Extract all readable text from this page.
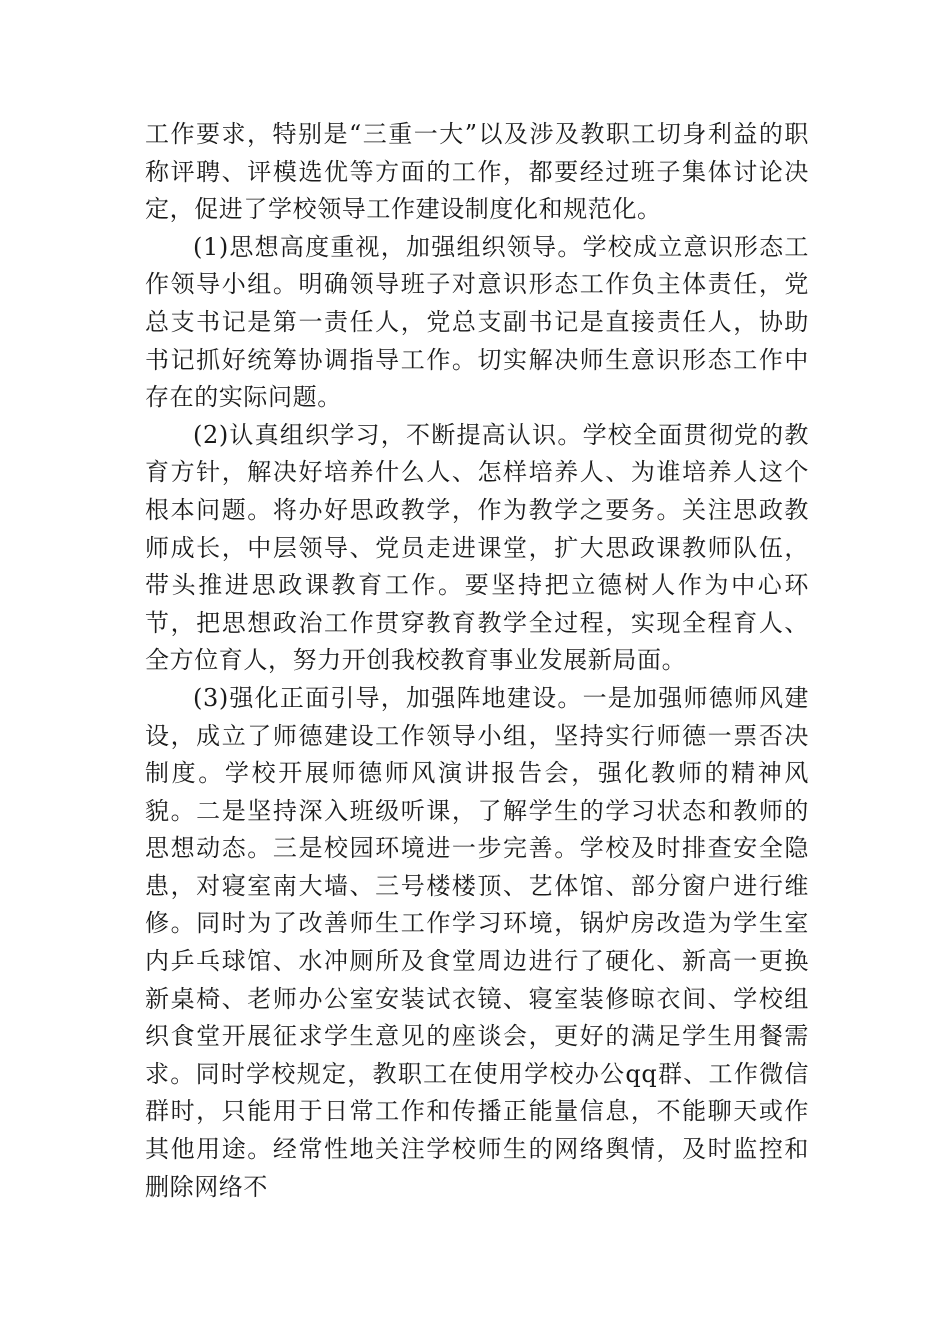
工作要求，特别是“三重一大”以及涉及教职工切身利益的职称评聘、评模选优等方面的工作，都要经过班子集体讨论决定，促进了学校领导工作建设制度化和规范化。

(1)思想高度重视，加强组织领导。学校成立意识形态工作领导小组。明确领导班子对意识形态工作负主体责任，党总支书记是第一责任人，党总支副书记是直接责任人，协助书记抓好统筹协调指导工作。切实解决师生意识形态工作中存在的实际问题。

(2)认真组织学习，不断提高认识。学校全面贯彻党的教育方针，解决好培养什么人、怎样培养人、为谁培养人这个根本问题。将办好思政教学，作为教学之要务。关注思政教师成长，中层领导、党员走进课堂，扩大思政课教师队伍，带头推进思政课教育工作。要坚持把立德树人作为中心环节，把思想政治工作贯穿教育教学全过程，实现全程育人、全方位育人，努力开创我校教育事业发展新局面。

(3)强化正面引导，加强阵地建设。一是加强师德师风建设，成立了师德建设工作领导小组，坚持实行师德一票否决制度。学校开展师德师风演讲报告会，强化教师的精神风貌。二是坚持深入班级听课，了解学生的学习状态和教师的思想动态。三是校园环境进一步完善。学校及时排查安全隐患，对寝室南大墙、三号楼楼顶、艺体馆、部分窗户进行维修。同时为了改善师生工作学习环境，锅炉房改造为学生室内乒乓球馆、水冲厕所及食堂周边进行了硬化、新高一更换新桌椅、老师办公室安装试衣镜、寝室装修晾衣间、学校组织食堂开展征求学生意见的座谈会，更好的满足学生用餐需求。同时学校规定，教职工在使用学校办公qq群、工作微信群时，只能用于日常工作和传播正能量信息，不能聊天或作其他用途。经常性地关注学校师生的网络舆情，及时监控和删除网络不
